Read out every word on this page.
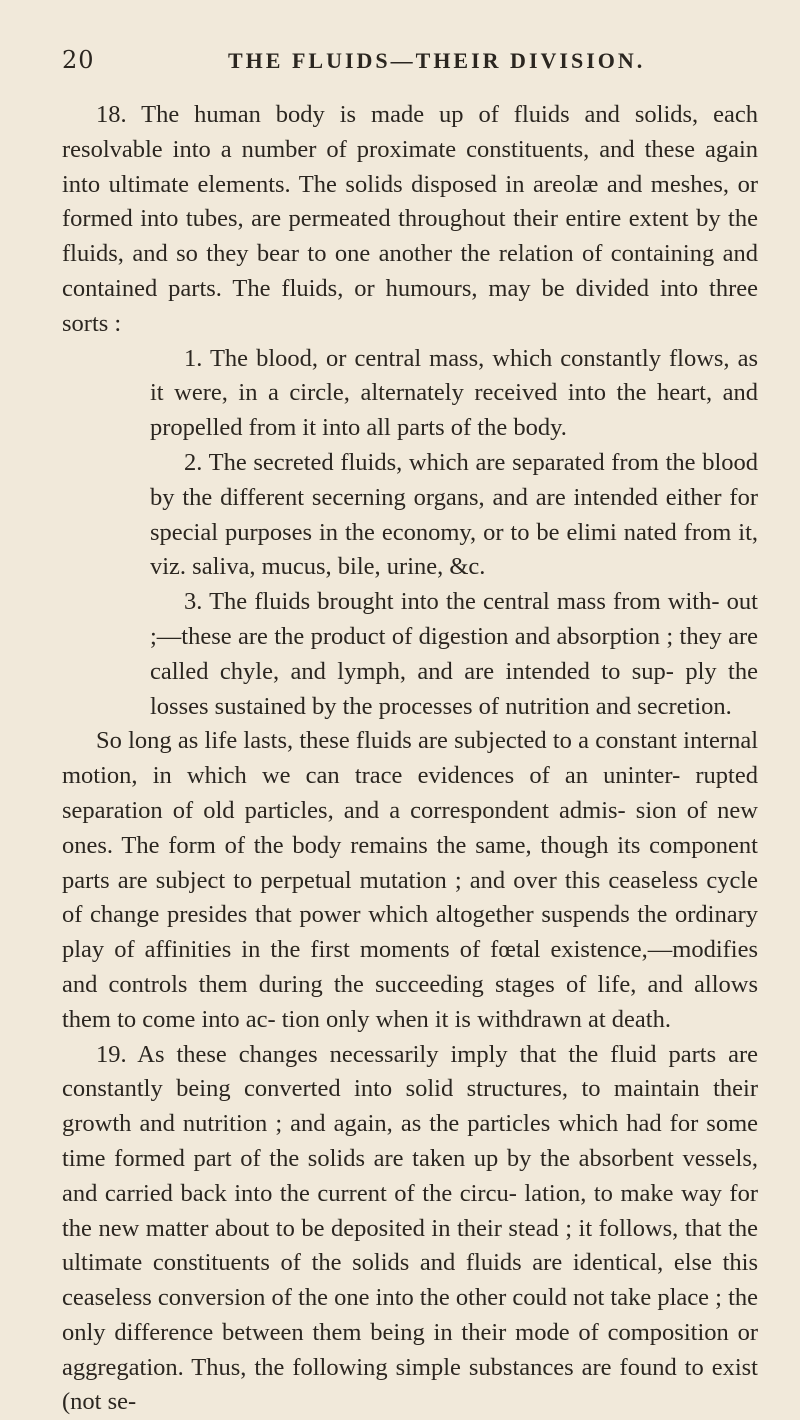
20	THE FLUIDS—THEIR DIVISION.

18. The human body is made up of fluids and solids, each resolvable into a number of proximate constituents, and these again into ultimate elements. The solids disposed in areolæ and meshes, or formed into tubes, are permeated throughout their entire extent by the fluids, and so they bear to one another the relation of containing and contained parts. The fluids, or humours, may be divided into three sorts :

1. The blood, or central mass, which constantly flows, as it were, in a circle, alternately received into the heart, and propelled from it into all parts of the body.

2. The secreted fluids, which are separated from the blood by the different secerning organs, and are intended either for special purposes in the economy, or to be elimi nated from it, viz. saliva, mucus, bile, urine, &c.

3. The fluids brought into the central mass from with- out ;—these are the product of digestion and absorption ; they are called chyle, and lymph, and are intended to sup- ply the losses sustained by the processes of nutrition and secretion.

So long as life lasts, these fluids are subjected to a constant internal motion, in which we can trace evidences of an uninter- rupted separation of old particles, and a correspondent admis- sion of new ones. The form of the body remains the same, though its component parts are subject to perpetual mutation ; and over this ceaseless cycle of change presides that power which altogether suspends the ordinary play of affinities in the first moments of fœtal existence,—modifies and controls them during the succeeding stages of life, and allows them to come into ac- tion only when it is withdrawn at death.

19. As these changes necessarily imply that the fluid parts are constantly being converted into solid structures, to maintain their growth and nutrition ; and again, as the particles which had for some time formed part of the solids are taken up by the absorbent vessels, and carried back into the current of the circu- lation, to make way for the new matter about to be deposited in their stead ; it follows, that the ultimate constituents of the solids and fluids are identical, else this ceaseless conversion of the one into the other could not take place ; the only difference between them being in their mode of composition or aggregation. Thus, the following simple substances are found to exist (not se-
